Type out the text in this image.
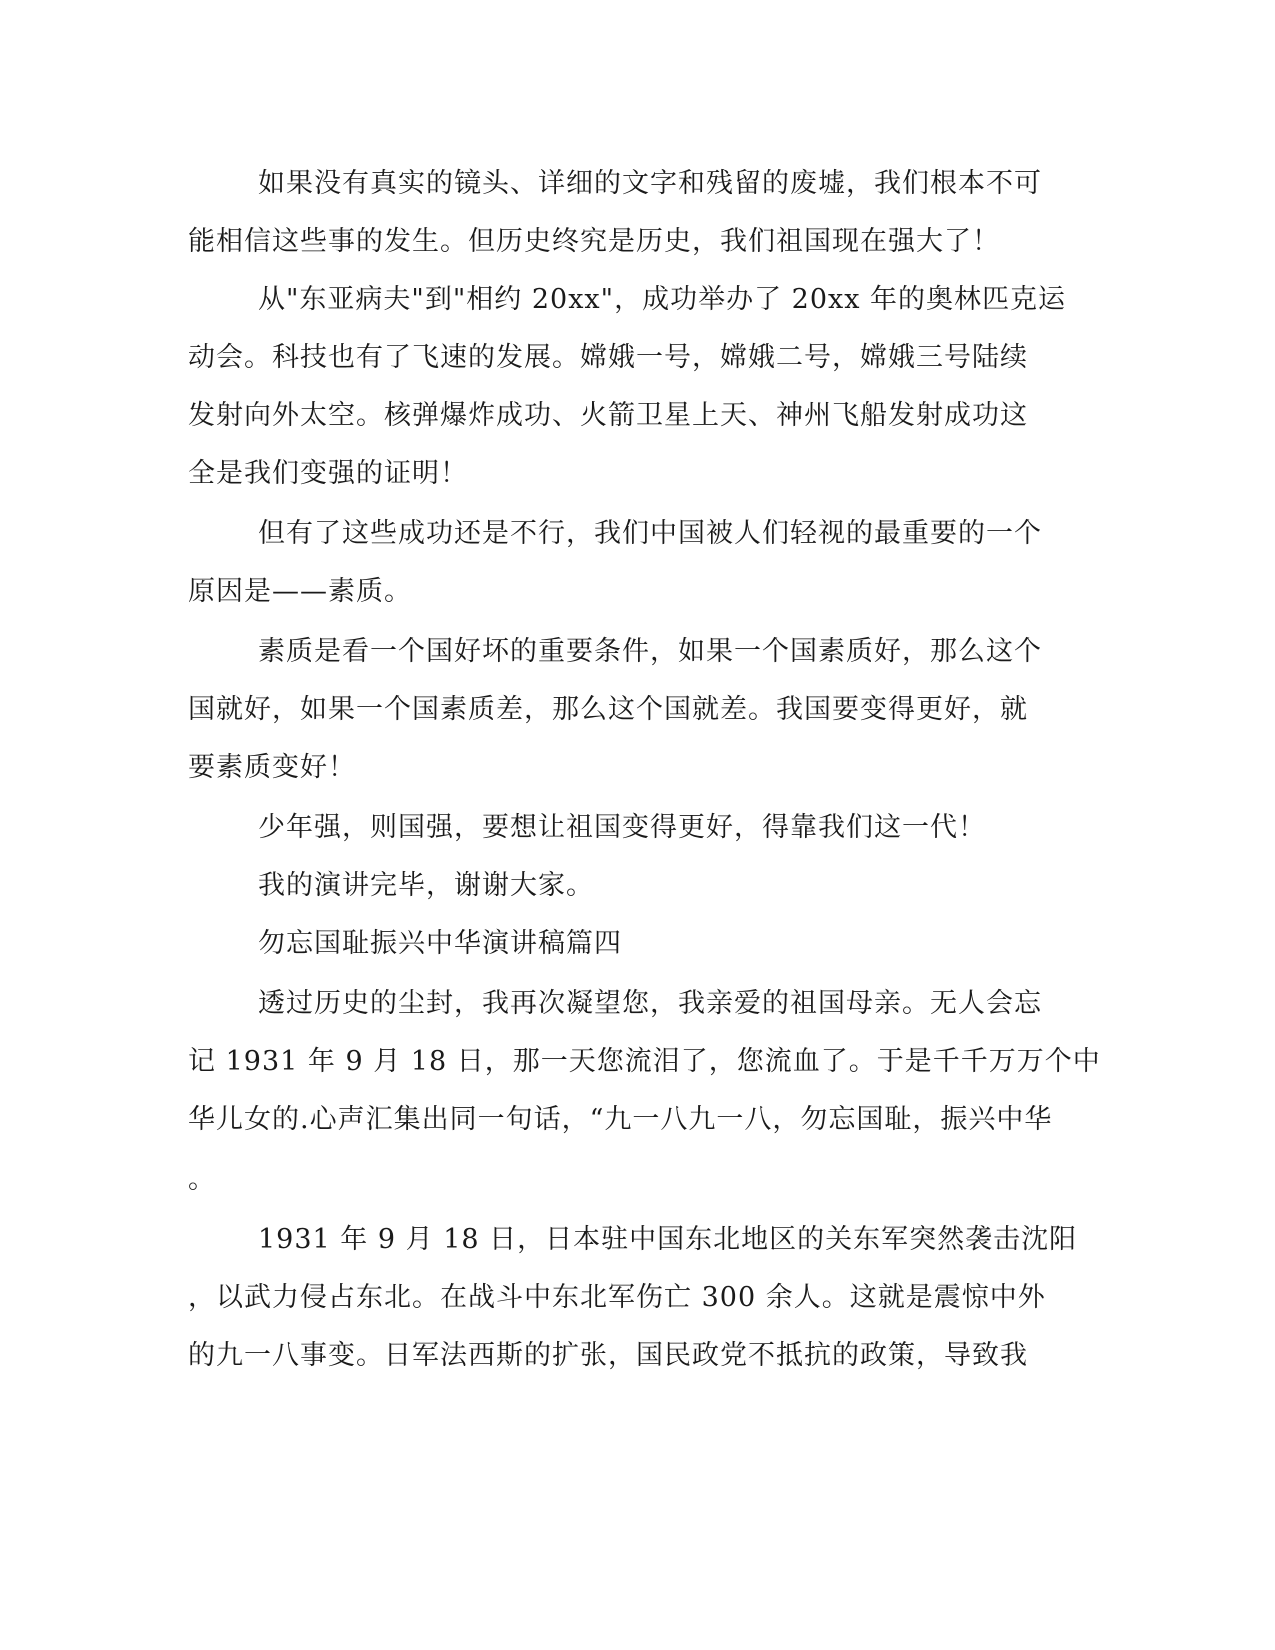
如果没有真实的镜头、详细的文字和残留的废墟，我们根本不可

能相信这些事的发生。但历史终究是历史，我们祖国现在强大了！

从"东亚病夫"到"相约 20xx"，成功举办了 20xx 年的奥林匹克运

动会。科技也有了飞速的发展。嫦娥一号，嫦娥二号，嫦娥三号陆续

发射向外太空。核弹爆炸成功、火箭卫星上天、神州飞船发射成功这

全是我们变强的证明！

但有了这些成功还是不行，我们中国被人们轻视的最重要的一个

原因是——素质。

素质是看一个国好坏的重要条件，如果一个国素质好，那么这个

国就好，如果一个国素质差，那么这个国就差。我国要变得更好，就

要素质变好！

少年强，则国强，要想让祖国变得更好，得靠我们这一代！

我的演讲完毕，谢谢大家。

勿忘国耻振兴中华演讲稿篇四

透过历史的尘封，我再次凝望您，我亲爱的祖国母亲。无人会忘

记 1931 年 9 月 18 日，那一天您流泪了，您流血了。于是千千万万个中

华儿女的.心声汇集出同一句话，“九一八九一八，勿忘国耻，振兴中华

。

1931 年 9 月 18 日，日本驻中国东北地区的关东军突然袭击沈阳

，以武力侵占东北。在战斗中东北军伤亡 300 余人。这就是震惊中外

的九一八事变。日军法西斯的扩张，国民政党不抵抗的政策，导致我
